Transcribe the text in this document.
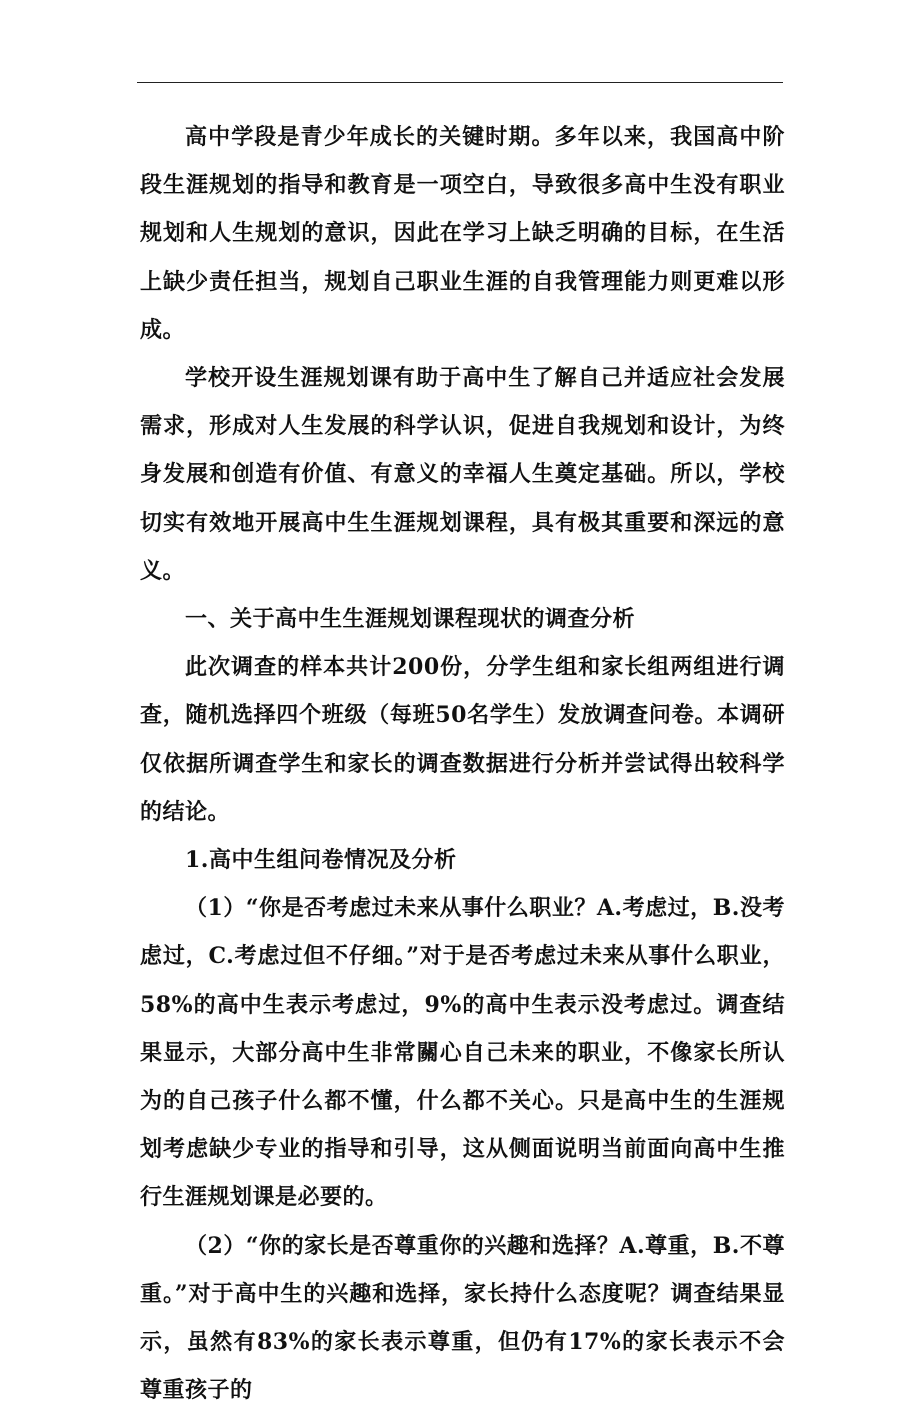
高中学段是青少年成长的关键时期。多年以来，我国高中阶段生涯规划的指导和教育是一项空白，导致很多高中生没有职业规划和人生规划的意识，因此在学习上缺乏明确的目标，在生活上缺少责任担当，规划自己职业生涯的自我管理能力则更难以形成。

学校开设生涯规划课有助于高中生了解自己并适应社会发展需求，形成对人生发展的科学认识，促进自我规划和设计，为终身发展和创造有价值、有意义的幸福人生奠定基础。所以，学校切实有效地开展高中生生涯规划课程，具有极其重要和深远的意义。

一、关于高中生生涯规划课程现状的调查分析

此次调查的样本共计200份，分学生组和家长组两组进行调查，随机选择四个班级（每班50名学生）发放调查问卷。本调研仅依据所调查学生和家长的调查数据进行分析并尝试得出较科学的结论。

1.高中生组问卷情况及分析

（1）“你是否考虑过未来从事什么职业？A.考虑过，B.没考虑过，C.考虑过但不仔细。”对于是否考虑过未来从事什么职业，58%的高中生表示考虑过，9%的高中生表示没考虑过。调查结果显示，大部分高中生非常關心自己未来的职业，不像家长所认为的自己孩子什么都不懂，什么都不关心。只是高中生的生涯规划考虑缺少专业的指导和引导，这从侧面说明当前面向高中生推行生涯规划课是必要的。

（2）“你的家长是否尊重你的兴趣和选择？A.尊重，B.不尊重。”对于高中生的兴趣和选择，家长持什么态度呢？调查结果显示，虽然有83%的家长表示尊重，但仍有17%的家长表示不会尊重孩子的
